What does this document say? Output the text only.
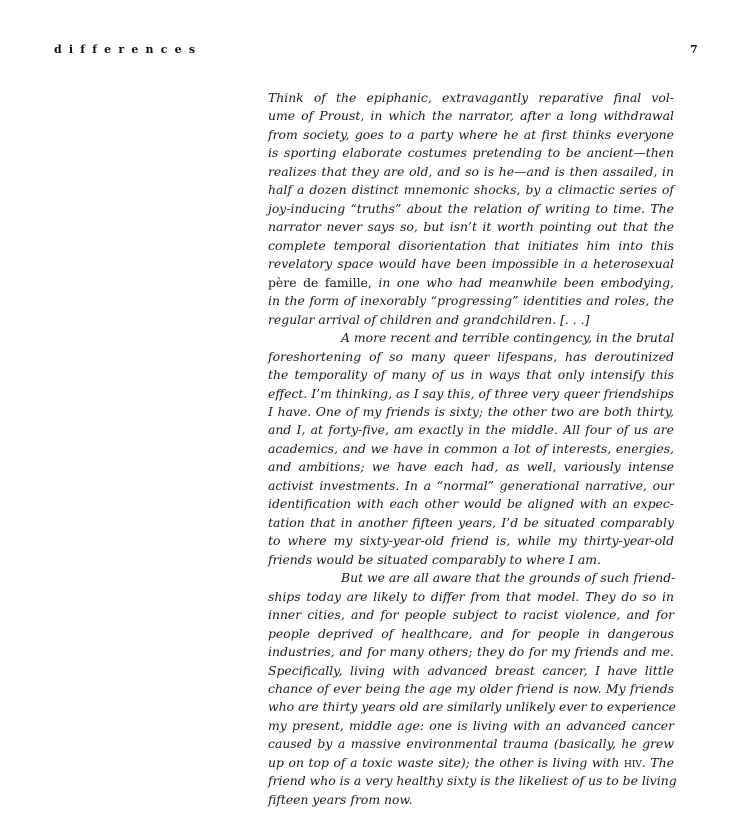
differences	7
Think of the epiphanic, extravagantly reparative final vol-
ume of Proust, in which the narrator, after a long withdrawal
from society, goes to a party where he at first thinks everyone
is sporting elaborate costumes pretending to be ancient—then
realizes that they are old, and so is he—and is then assailed, in
half a dozen distinct mnemonic shocks, by a climactic series of
joy-inducing “truths” about the relation of writing to time. The
narrator never says so, but isn’t it worth pointing out that the
complete temporal disorientation that initiates him into this
revelatory space would have been impossible in a heterosexual
père de famille, in one who had meanwhile been embodying,
in the form of inexorably “progressing” identities and roles, the
regular arrival of children and grandchildren. [. . .]
A more recent and terrible contingency, in the brutal
foreshortening of so many queer lifespans, has deroutinized
the temporality of many of us in ways that only intensify this
effect. I’m thinking, as I say this, of three very queer friendships
I have. One of my friends is sixty; the other two are both thirty,
and I, at forty-five, am exactly in the middle. All four of us are
academics, and we have in common a lot of interests, energies,
and ambitions; we have each had, as well, variously intense
activist investments. In a “normal” generational narrative, our
identification with each other would be aligned with an expec-
tation that in another fifteen years, I’d be situated comparably
to where my sixty-year-old friend is, while my thirty-year-old
friends would be situated comparably to where I am.
But we are all aware that the grounds of such friend-
ships today are likely to differ from that model. They do so in
inner cities, and for people subject to racist violence, and for
people deprived of healthcare, and for people in dangerous
industries, and for many others; they do for my friends and me.
Specifically, living with advanced breast cancer, I have little
chance of ever being the age my older friend is now. My friends
who are thirty years old are similarly unlikely ever to experience
my present, middle age: one is living with an advanced cancer
caused by a massive environmental trauma (basically, he grew
up on top of a toxic waste site); the other is living with hiv. The
friend who is a very healthy sixty is the likeliest of us to be living
fifteen years from now.
